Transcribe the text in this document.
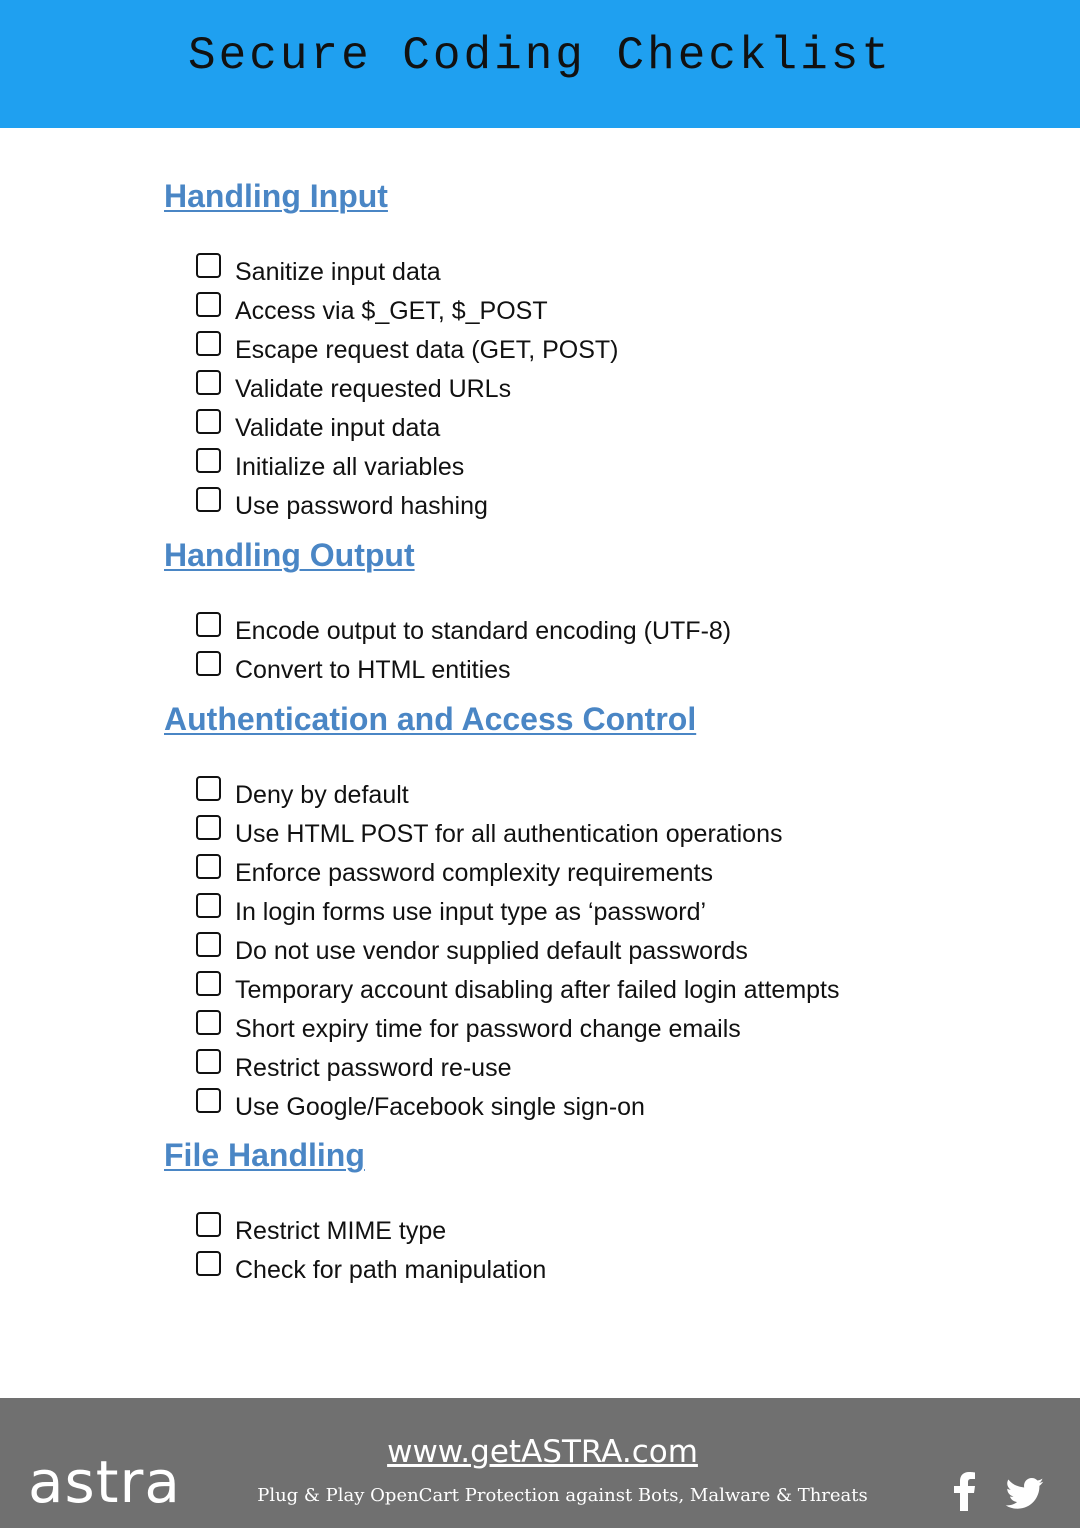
Secure Coding Checklist
Handling Input
Sanitize input data
Access via $_GET, $_POST
Escape request data (GET, POST)
Validate requested URLs
Validate input data
Initialize all variables
Use password hashing
Handling Output
Encode output to standard encoding (UTF-8)
Convert to HTML entities
Authentication and Access Control
Deny by default
Use HTML POST for all authentication operations
Enforce password complexity requirements
In login forms use input type as ‘password’
Do not use vendor supplied default passwords
Temporary account disabling after failed login attempts
Short expiry time for password change emails
Restrict password re-use
Use Google/Facebook single sign-on
File Handling
Restrict MIME type
Check for path manipulation
astra	www.getASTRA.com
Plug & Play OpenCart Protection against Bots, Malware & Threats
